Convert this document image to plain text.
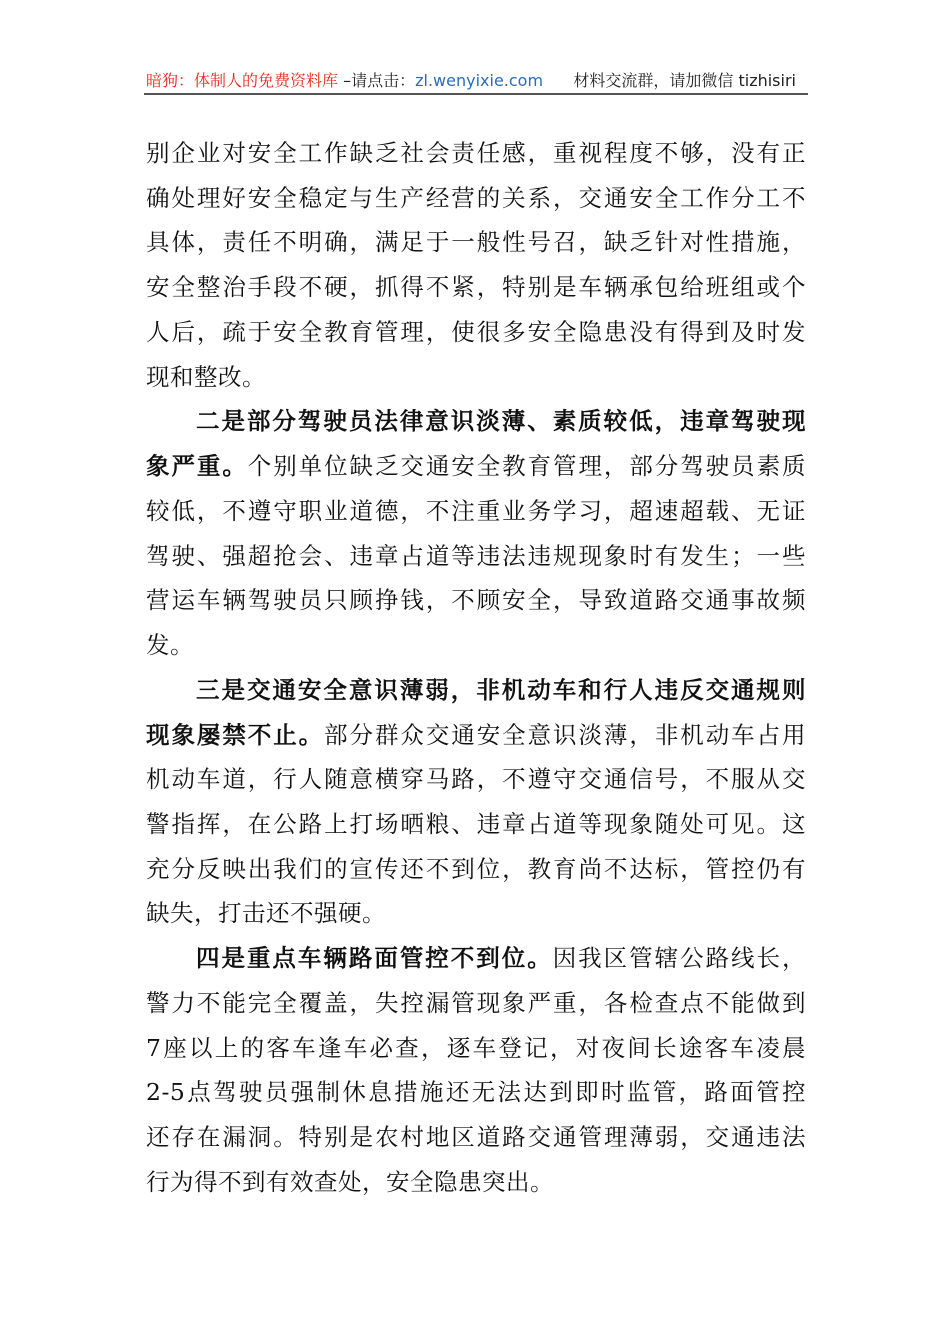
暗狗：体制人的免费资料库 –请点击：zl.wenyixie.com 材料交流群，请加微信 tizhisiri
别企业对安全工作缺乏社会责任感，重视程度不够，没有正
确处理好安全稳定与生产经营的关系，交通安全工作分工不
具体，责任不明确，满足于一般性号召，缺乏针对性措施，
安全整治手段不硬，抓得不紧，特别是车辆承包给班组或个
人后，疏于安全教育管理，使很多安全隐患没有得到及时发
现和整改。
二是部分驾驶员法律意识淡薄、素质较低，违章驾驶现
象严重。个别单位缺乏交通安全教育管理，部分驾驶员素质
较低，不遵守职业道德，不注重业务学习，超速超载、无证
驾驶、强超抢会、违章占道等违法违规现象时有发生；一些
营运车辆驾驶员只顾挣钱，不顾安全，导致道路交通事故频
发。
三是交通安全意识薄弱，非机动车和行人违反交通规则
现象屡禁不止。部分群众交通安全意识淡薄，非机动车占用
机动车道，行人随意横穿马路，不遵守交通信号，不服从交
警指挥，在公路上打场晒粮、违章占道等现象随处可见。这
充分反映出我们的宣传还不到位，教育尚不达标，管控仍有
缺失，打击还不强硬。
四是重点车辆路面管控不到位。因我区管辖公路线长，
警力不能完全覆盖，失控漏管现象严重，各检查点不能做到
7座以上的客车逢车必查，逐车登记，对夜间长途客车凌晨
2-5点驾驶员强制休息措施还无法达到即时监管，路面管控
还存在漏洞。特别是农村地区道路交通管理薄弱，交通违法
行为得不到有效查处，安全隐患突出。
